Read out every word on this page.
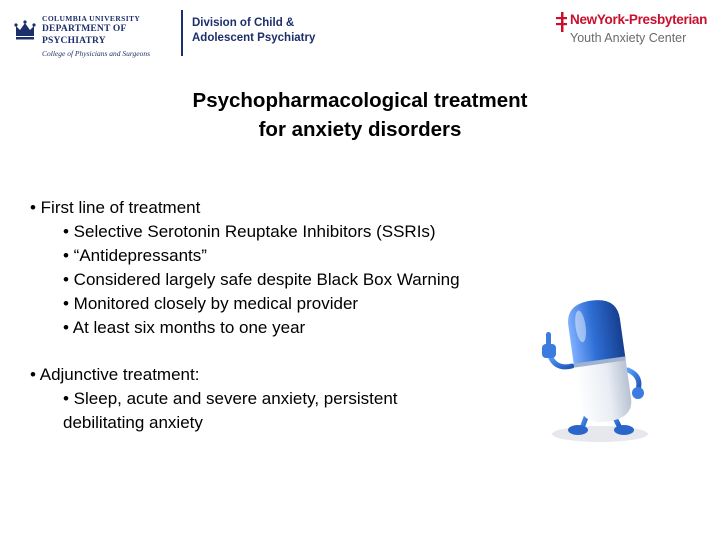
COLUMBIA UNIVERSITY
DEPARTMENT OF PSYCHIATRY
College of Physicians and Surgeons
Division of Child &
Adolescent Psychiatry
NewYork-Presbyterian
Youth Anxiety Center
Psychopharmacological treatment
for anxiety disorders
• First line of treatment
• Selective Serotonin Reuptake Inhibitors (SSRIs)
• “Antidepressants”
• Considered largely safe despite Black Box Warning
• Monitored closely by medical provider
• At least six months to one year
• Adjunctive treatment:
• Sleep, acute and severe anxiety, persistent
debilitating anxiety
